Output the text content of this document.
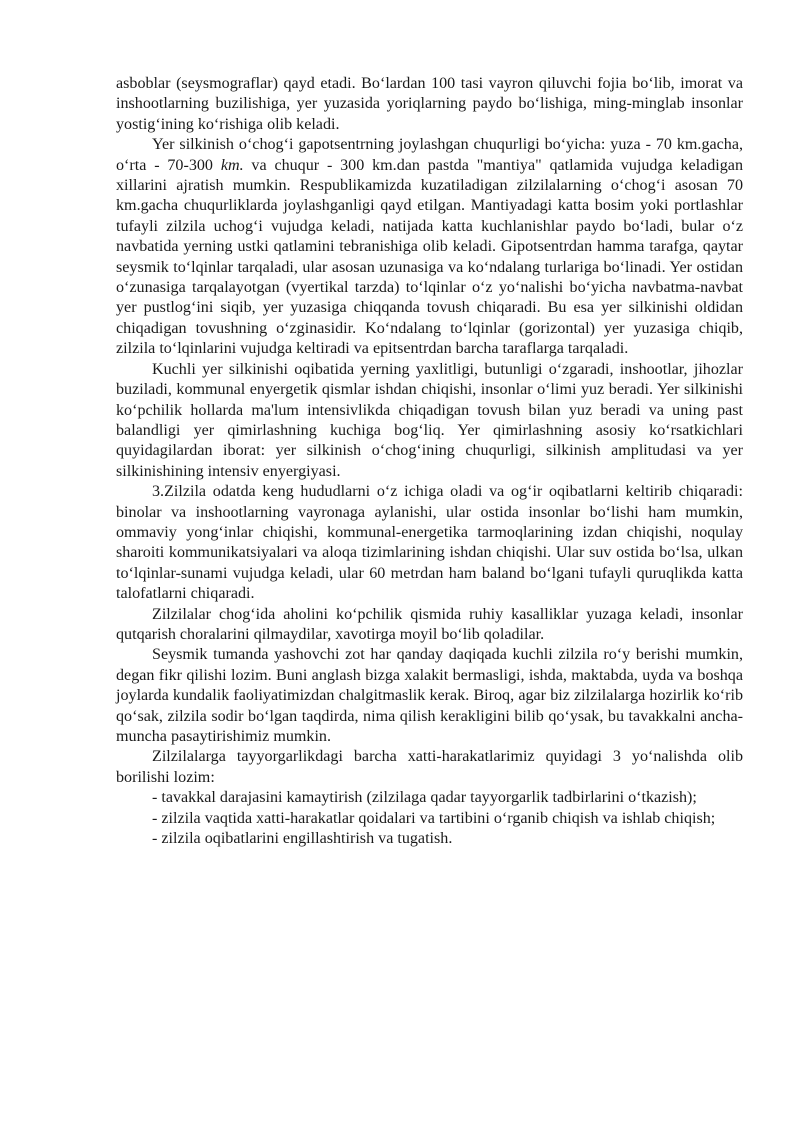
asboblar (seysmograflar) qayd etadi. Bo‘lardan 100 tasi vayron qiluvchi fojia bo‘lib, imorat va inshootlarning buzilishiga, yer yuzasida yoriqlarning paydo bo‘lishiga, ming-minglab insonlar yostig‘ining ko‘rishiga olib keladi.

Yer silkinish o‘chog‘i gapotsentrning joylashgan chuqurligi bo‘yicha: yuza - 70 km.gacha, o‘rta - 70-300 km. va chuqur - 300 km.dan pastda "mantiya" qatlamida vujudga keladigan xillarini ajratish mumkin. Respublikamizda kuzatiladigan zilzilalarning o‘chog‘i asosan 70 km.gacha chuqurliklarda joylashganligi qayd etilgan. Mantiyadagi katta bosim yoki portlashlar tufayli zilzila uchog‘i vujudga keladi, natijada katta kuchlanishlar paydo bo‘ladi, bular o‘z navbatida yerning ustki qatlamini tebranishiga olib keladi. Gipotsentrdan hamma tarafga, qaytar seysmik to‘lqinlar tarqaladi, ular asosan uzunasiga va ko‘ndalang turlariga bo‘linadi. Yer ostidan o‘zunasiga tarqalayotgan (vyertikal tarzda) to‘lqinlar o‘z yo‘nalishi bo‘yicha navbatma-navbat yer pustlog‘ini siqib, yer yuzasiga chiqqanda tovush chiqaradi. Bu esa yer silkinishi oldidan chiqadigan tovushning o‘zginasidir. Ko‘ndalang to‘lqinlar (gorizontal) yer yuzasiga chiqib, zilzila to‘lqinlarini vujudga keltiradi va epitsentrdan barcha taraflarga tarqaladi.

Kuchli yer silkinishi oqibatida yerning yaxlitligi, butunligi o‘zgaradi, inshootlar, jihozlar buziladi, kommunal enyergetik qismlar ishdan chiqishi, insonlar o‘limi yuz beradi. Yer silkinishi ko‘pchilik hollarda ma'lum intensivlikda chiqadigan tovush bilan yuz beradi va uning past balandligi yer qimirlashning kuchiga bog‘liq. Yer qimirlashning asosiy ko‘rsatkichlari quyidagilardan iborat: yer silkinish o‘chog‘ining chuqurligi, silkinish amplitudasi va yer silkinishining intensiv enyergiyasi.

3.Zilzila odatda keng hududlarni o‘z ichiga oladi va og‘ir oqibatlarni keltirib chiqaradi: binolar va inshootlarning vayronaga aylanishi, ular ostida insonlar bo‘lishi ham mumkin, ommaviy yong‘inlar chiqishi, kommunal-energetika tarmoqlarining izdan chiqishi, noqulay sharoiti kommunikatsiyalari va aloqa tizimlarining ishdan chiqishi. Ular suv ostida bo‘lsa, ulkan to‘lqinlar-sunami vujudga keladi, ular 60 metrdan ham baland bo‘lgani tufayli quruqlikda katta talofatlarni chiqaradi.

Zilzilalar chog‘ida aholini ko‘pchilik qismida ruhiy kasalliklar yuzaga keladi, insonlar qutqarish choralarini qilmaydilar, xavotirga moyil bo‘lib qoladilar.

Seysmik tumanda yashovchi zot har qanday daqiqada kuchli zilzila ro‘y berishi mumkin, degan fikr qilishi lozim. Buni anglash bizga xalakit bermasligi, ishda, maktabda, uyda va boshqa joylarda kundalik faoliyatimizdan chalgitmaslik kerak. Biroq, agar biz zilzilalarga hozirlik ko‘rib qo‘sak, zilzila sodir bo‘lgan taqdirda, nima qilish kerakligini bilib qo‘ysak, bu tavakkalni ancha-muncha pasaytirishimiz mumkin.

Zilzilalarga tayyorgarlikdagi barcha xatti-harakatlarimiz quyidagi 3 yo‘nalishda olib borilishi lozim:

- tavakkal darajasini kamaytirish (zilzilaga qadar tayyorgarlik tadbirlarini o‘tkazish);

- zilzila vaqtida xatti-harakatlar qoidalari va tartibini o‘rganib chiqish va ishlab chiqish;

- zilzila oqibatlarini engillashtirish va tugatish.
